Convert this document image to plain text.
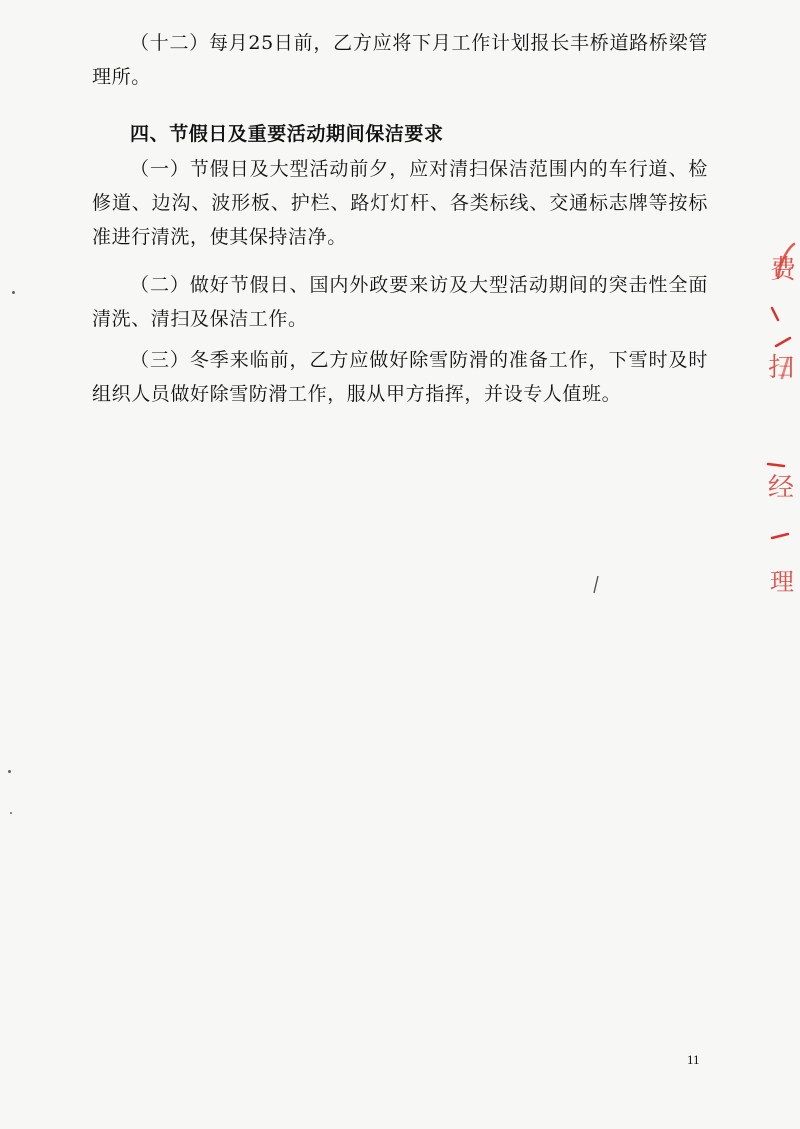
（十二）每月25日前，乙方应将下月工作计划报长丰桥道路桥梁管理所。

四、节假日及重要活动期间保洁要求

（一）节假日及大型活动前夕，应对清扫保洁范围内的车行道、检修道、边沟、波形板、护栏、路灯灯杆、各类标线、交通标志牌等按标准进行清洗，使其保持洁净。

（二）做好节假日、国内外政要来访及大型活动期间的突击性全面清洗、清扫及保洁工作。

（三）冬季来临前，乙方应做好除雪防滑的准备工作，下雪时及时组织人员做好除雪防滑工作，服从甲方指挥，并设专人值班。

11
费
扫
经
理
